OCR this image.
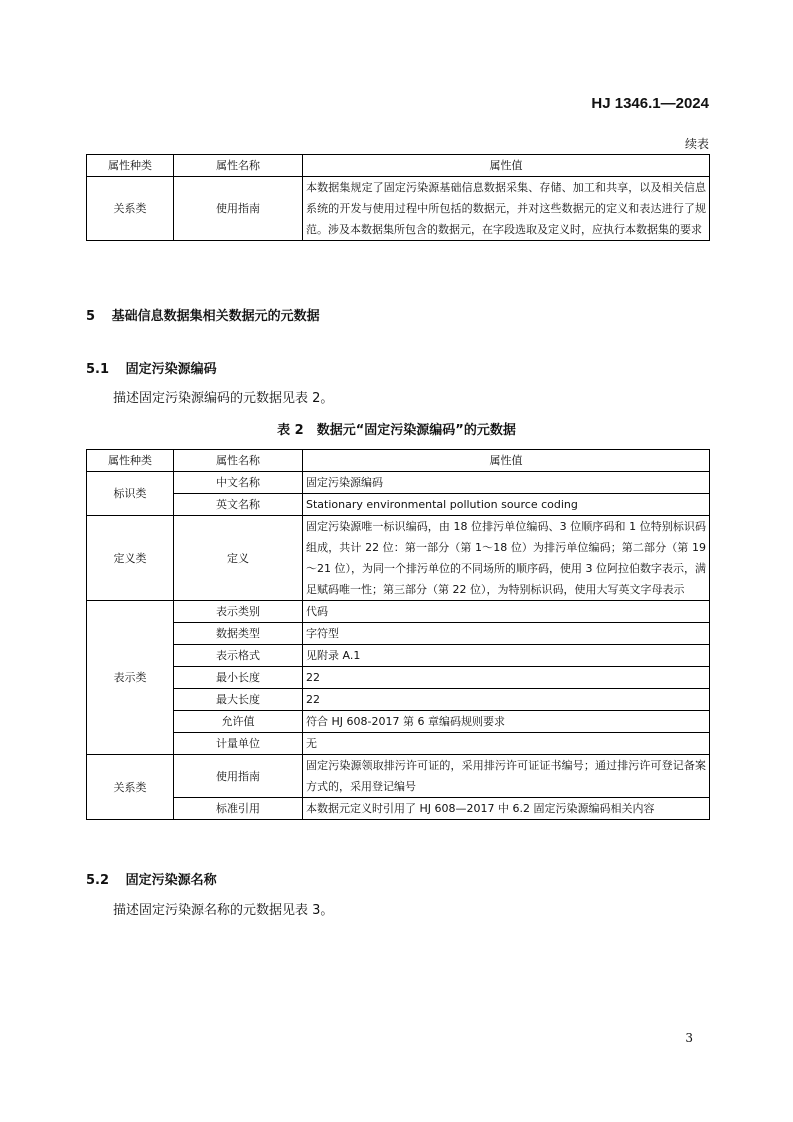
HJ 1346.1—2024
续表
属性种类	属性名称	属性值
关系类	使用指南	本数据集规定了固定污染源基础信息数据采集、存储、加工和共享，以及相关信息系统的开发与使用过程中所包括的数据元，并对这些数据元的定义和表达进行了规范。涉及本数据集所包含的数据元，在字段选取及定义时，应执行本数据集的要求
5 基础信息数据集相关数据元的元数据
5.1 固定污染源编码
描述固定污染源编码的元数据见表 2。
表 2　数据元“固定污染源编码”的元数据
属性种类	属性名称	属性值
标识类	中文名称	固定污染源编码
	英文名称	Stationary environmental pollution source coding
定义类	定义	固定污染源唯一标识编码，由 18 位排污单位编码、3 位顺序码和 1 位特别标识码组成，共计 22 位：第一部分（第 1～18 位）为排污单位编码；第二部分（第 19～21 位），为同一个排污单位的不同场所的顺序码，使用 3 位阿拉伯数字表示，满足赋码唯一性；第三部分（第 22 位），为特别标识码，使用大写英文字母表示
表示类	表示类别	代码
	数据类型	字符型
	表示格式	见附录 A.1
	最小长度	22
	最大长度	22
	允许值	符合 HJ 608-2017 第 6 章编码规则要求
	计量单位	无
关系类	使用指南	固定污染源领取排污许可证的，采用排污许可证证书编号；通过排污许可登记备案方式的，采用登记编号
	标准引用	本数据元定义时引用了 HJ 608—2017 中 6.2 固定污染源编码相关内容
5.2 固定污染源名称
描述固定污染源名称的元数据见表 3。
3
